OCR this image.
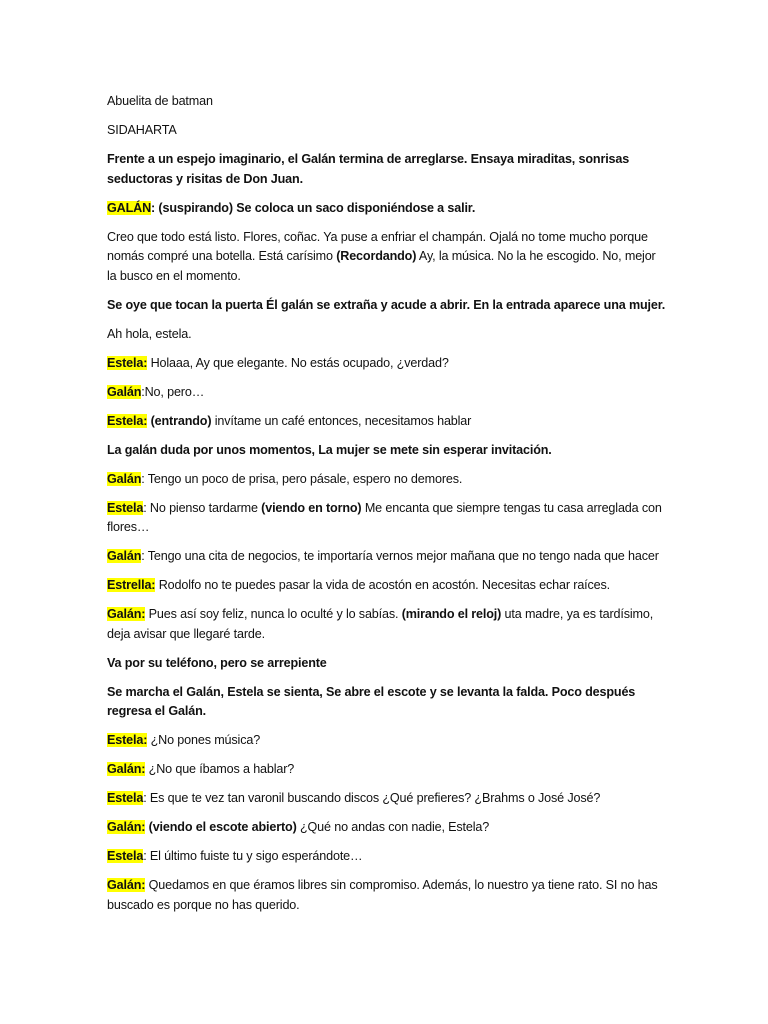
Abuelita de batman

SIDAHARTA

Frente a un espejo imaginario, el Galán termina de arreglarse. Ensaya miraditas, sonrisas seductoras y risitas de Don Juan.

GALÁN: (suspirando) Se coloca un saco disponiéndose a salir.

Creo que todo está listo. Flores, coñac. Ya puse a enfriar el champán. Ojalá no tome mucho porque nomás compré una botella. Está carísimo (Recordando) Ay, la música. No la he escogido. No, mejor la busco en el momento.

Se oye que tocan la puerta Él galán se extraña y acude a abrir. En la entrada aparece una mujer.

Ah hola, estela.

Estela: Holaaa, Ay que elegante. No estás ocupado, ¿verdad?

Galán:No, pero…

Estela: (entrando) invítame un café entonces, necesitamos hablar

La galán duda por unos momentos, La mujer se mete sin esperar invitación.

Galán: Tengo un poco de prisa, pero pásale, espero no demores.

Estela: No pienso tardarme (viendo en torno) Me encanta que siempre tengas tu casa arreglada con flores…

Galán: Tengo una cita de negocios, te importaría vernos mejor mañana que no tengo nada que hacer

Estrella: Rodolfo no te puedes pasar la vida de acostón en acostón. Necesitas echar raíces.

Galán: Pues así soy feliz, nunca lo oculté y lo sabías. (mirando el reloj) uta madre, ya es tardísimo, deja avisar que llegaré tarde.

Va por su teléfono, pero se arrepiente

Se marcha el Galán, Estela se sienta, Se abre el escote y se levanta la falda. Poco después regresa el Galán.

Estela: ¿No pones música?

Galán: ¿No que íbamos a hablar?

Estela: Es que te vez tan varonil buscando discos ¿Qué prefieres? ¿Brahms o José José?

Galán: (viendo el escote abierto) ¿Qué no andas con nadie, Estela?

Estela: El último fuiste tu y sigo esperándote…

Galán: Quedamos en que éramos libres sin compromiso. Además, lo nuestro ya tiene rato. SI no has buscado es porque no has querido.
